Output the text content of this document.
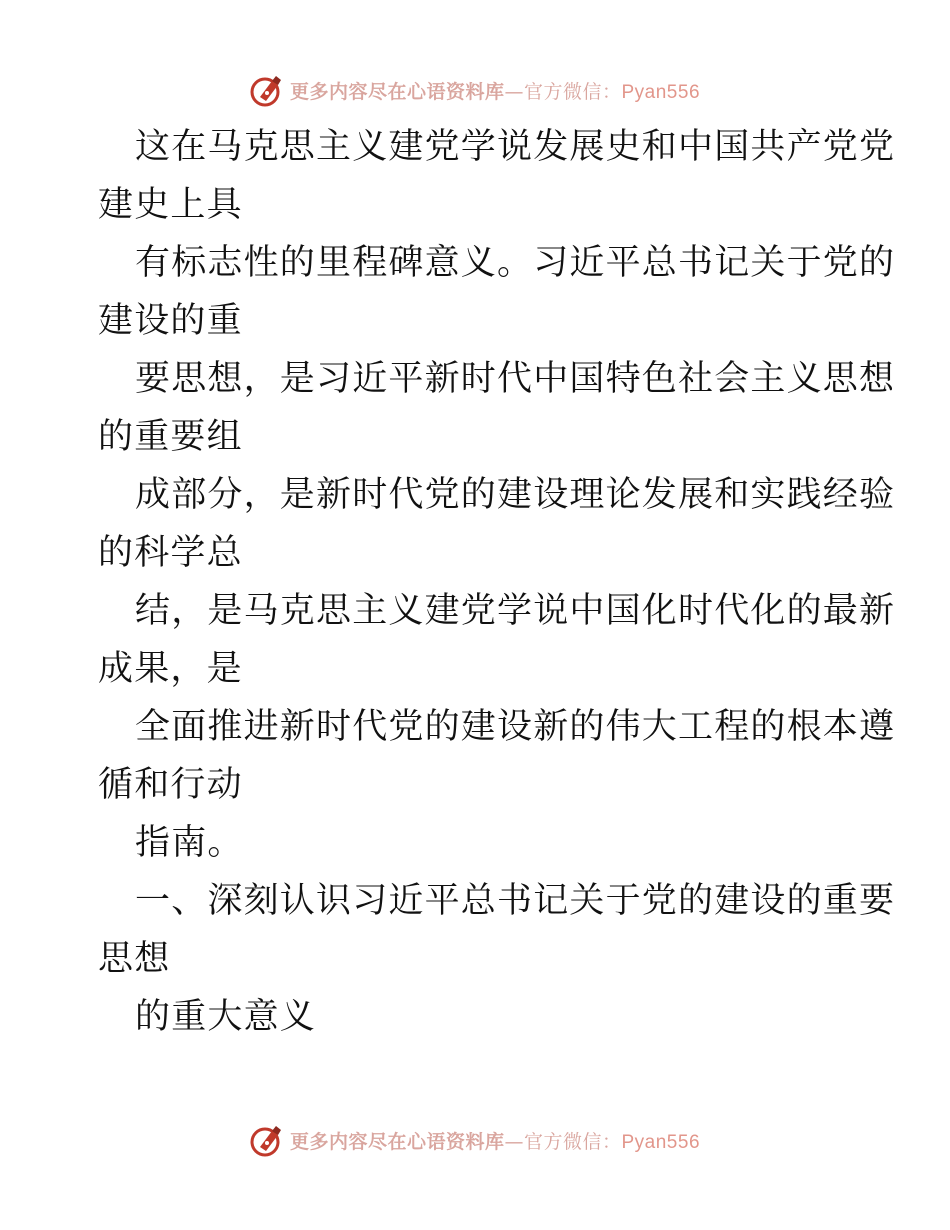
更多内容尽在心语资料库—官方微信：Pyan556
这在马克思主义建党学说发展史和中国共产党党
建史上具
有标志性的里程碑意义。习近平总书记关于党的
建设的重
要思想，是习近平新时代中国特色社会主义思想
的重要组
成部分，是新时代党的建设理论发展和实践经验
的科学总
结，是马克思主义建党学说中国化时代化的最新
成果，是
全面推进新时代党的建设新的伟大工程的根本遵
循和行动
指南。
一、深刻认识习近平总书记关于党的建设的重要
思想
的重大意义
更多内容尽在心语资料库—官方微信：Pyan556
